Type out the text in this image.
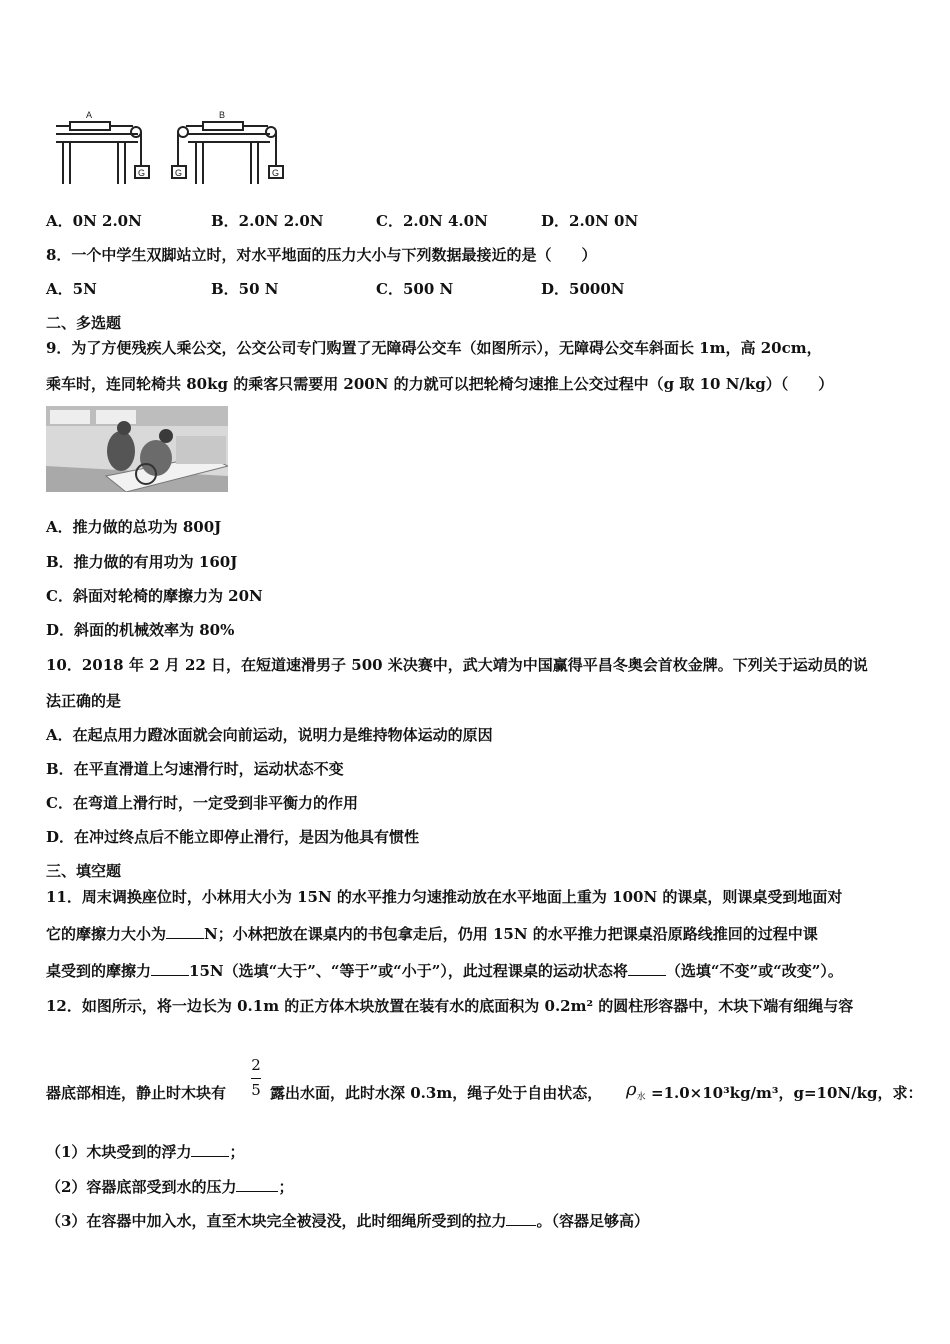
A	B
G	G	G
A．0N 2.0N	B．2.0N 2.0N	C．2.0N 4.0N	D．2.0N 0N
8．一个中学生双脚站立时，对水平地面的压力大小与下列数据最接近的是（　　）
A．5N	B．50 N	C．500 N	D．5000N
二、多选题
9．为了方便残疾人乘公交，公交公司专门购置了无障碍公交车（如图所示），无障碍公交车斜面长 1m，高 20cm，
乘车时，连同轮椅共 80kg 的乘客只需要用 200N 的力就可以把轮椅匀速推上公交过程中（g 取 10 N/kg）（　　）
A．推力做的总功为 800J
B．推力做的有用功为 160J
C．斜面对轮椅的摩擦力为 20N
D．斜面的机械效率为 80%
10．2018 年 2 月 22 日，在短道速滑男子 500 米决赛中，武大靖为中国赢得平昌冬奥会首枚金牌。下列关于运动员的说
法正确的是
A．在起点用力蹬冰面就会向前运动，说明力是维持物体运动的原因
B．在平直滑道上匀速滑行时，运动状态不变
C．在弯道上滑行时，一定受到非平衡力的作用
D．在冲过终点后不能立即停止滑行，是因为他具有惯性
三、填空题
11．周末调换座位时，小林用大小为 15N 的水平推力匀速推动放在水平地面上重为 100N 的课桌，则课桌受到地面对
它的摩擦力大小为	N；小林把放在课桌内的书包拿走后，仍用 15N 的水平推力把课桌沿原路线推回的过程中课
桌受到的摩擦力	15N（选填“大于”、“等于”或“小于”），此过程课桌的运动状态将	（选填“不变”或“改变”）。
12．如图所示，将一边长为 0.1m 的正方体木块放置在装有水的底面积为 0.2m² 的圆柱形容器中，木块下端有细绳与容
器底部相连，静止时木块有
2
5 露出水面，此时水深 0.3m，绳子处于自由状态， $\rho_水 =1.0\times 10^3kg/m^3$，g=10N/kg，求：
（1）木块受到的浮力	；
（2）容器底部受到水的压力	；
（3）在容器中加入水，直至木块完全被浸没，此时细绳所受到的拉力 。（容器足够高）
